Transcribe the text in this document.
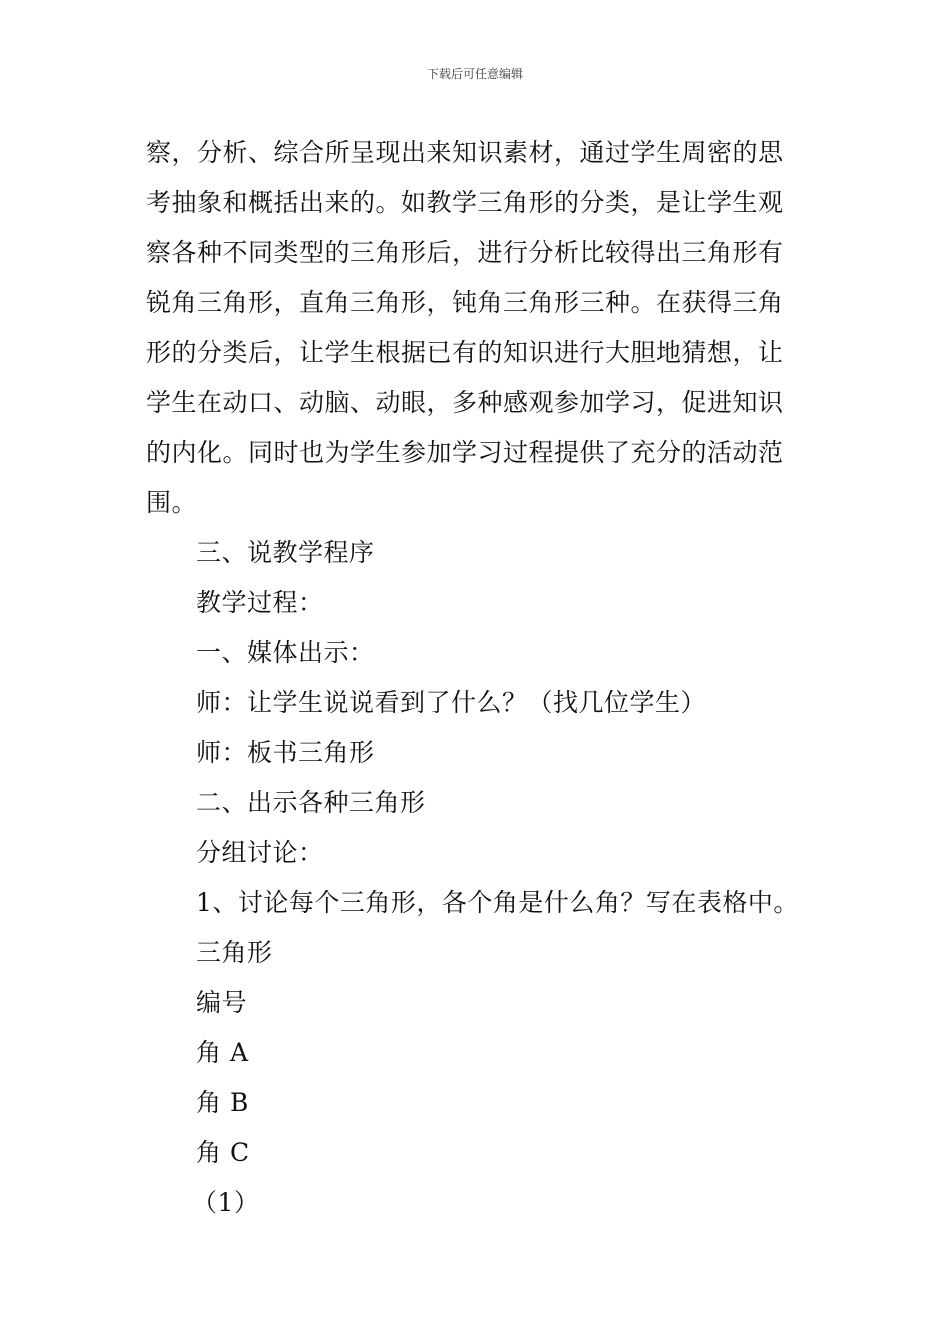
下载后可任意编辑
察，分析、综合所呈现出来知识素材，通过学生周密的思
考抽象和概括出来的。如教学三角形的分类，是让学生观
察各种不同类型的三角形后，进行分析比较得出三角形有
锐角三角形，直角三角形，钝角三角形三种。在获得三角
形的分类后，让学生根据已有的知识进行大胆地猜想，让
学生在动口、动脑、动眼，多种感观参加学习，促进知识
的内化。同时也为学生参加学习过程提供了充分的活动范
围。
三、说教学程序
教学过程：
一、媒体出示：
师：让学生说说看到了什么？（找几位学生）
师：板书三角形
二、出示各种三角形
分组讨论：
1、讨论每个三角形，各个角是什么角？写在表格中。
三角形
编号
角 A
角 B
角 C
（1）
